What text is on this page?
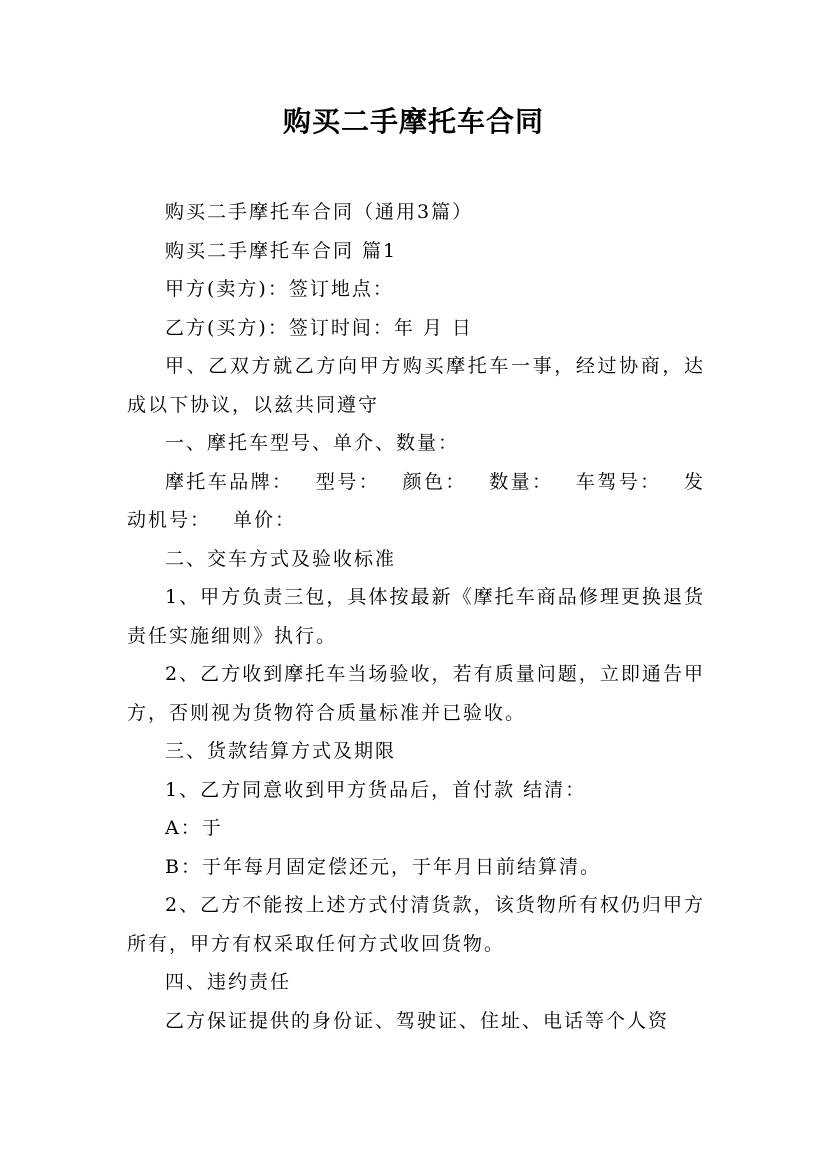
购买二手摩托车合同

购买二手摩托车合同（通用3篇）

购买二手摩托车合同 篇1

甲方(卖方)：签订地点：

乙方(买方)：签订时间：年 月 日

甲、乙双方就乙方向甲方购买摩托车一事，经过协商，达成以下协议，以兹共同遵守

一、摩托车型号、单介、数量：

摩托车品牌： 型号： 颜色： 数量： 车驾号： 发动机号： 单价：

二、交车方式及验收标准

1、甲方负责三包，具体按最新《摩托车商品修理更换退货责任实施细则》执行。

2、乙方收到摩托车当场验收，若有质量问题，立即通告甲方，否则视为货物符合质量标准并已验收。

三、货款结算方式及期限

1、乙方同意收到甲方货品后，首付款 结清：

A：于

B：于年每月固定偿还元，于年月日前结算清。

2、乙方不能按上述方式付清货款，该货物所有权仍归甲方所有，甲方有权采取任何方式收回货物。

四、违约责任

乙方保证提供的身份证、驾驶证、住址、电话等个人资
